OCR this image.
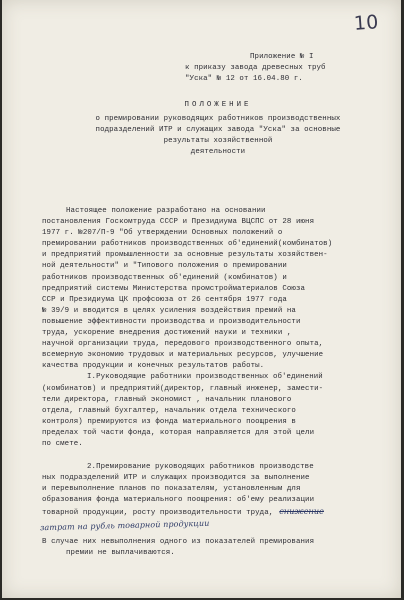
10
Приложение № I
к приказу завода древесных труб
"Уска" № 12 от 16.04.80 г.
ПОЛОЖЕНИЕ
о премировании руководящих работников производственных
подразделений ИТР и служащих завода "Уска" за основные
результаты хозяйственной
деятельности
Настоящее положение разработано на основании
постановления Госкомтруда СССР и Президиума ВЦСПС от 28 июня
1977 г. №207/П-9 "Об утверждении Основных положений о
премировании работников производственных об'единений(комбинатов)
и предприятий промышленности за основные результаты хозяйствен-
ной деятельности" и "Типового положения о премировании
работников производственных об'единений (комбинатов) и
предприятий системы Министерства промстройматериалов Союза
ССР и Президиума ЦК профсоюза от 26 сентября 1977 года
№ 39/9 и вводится в целях усиления воздействия премий на
повышение эффективности производства и производительности
труда, ускорение внедрения достижений науки и техники ,
научной организации труда, передового производственного опыта,
всемерную экономию трудовых и материальных ресурсов, улучшение
качества продукции и конечных результатов работы.
I.Руководящие работники производственных об'единений
(комбинатов) и предприятий(директор, главный инженер, замести-
тели директора, главный экономист , начальник планового
отдела, главный бухгалтер, начальник отдела технического
контроля) премируются из фонда материального поощрения в
пределах той части фонда, которая направляется для этой цели
по смете.
2.Премирование руководящих работников производстве
ных подразделений ИТР и служащих производится за выполнение
и перевыполнение планов по показателям, установленным для
образования фонда материального поощрения: об'ему реализации
товарной продукции, росту производительности труда, снижение
затрат на рубль товарной продукции
В случае них невыполнения одного из показателей премирования
премии не выплачиваются.
